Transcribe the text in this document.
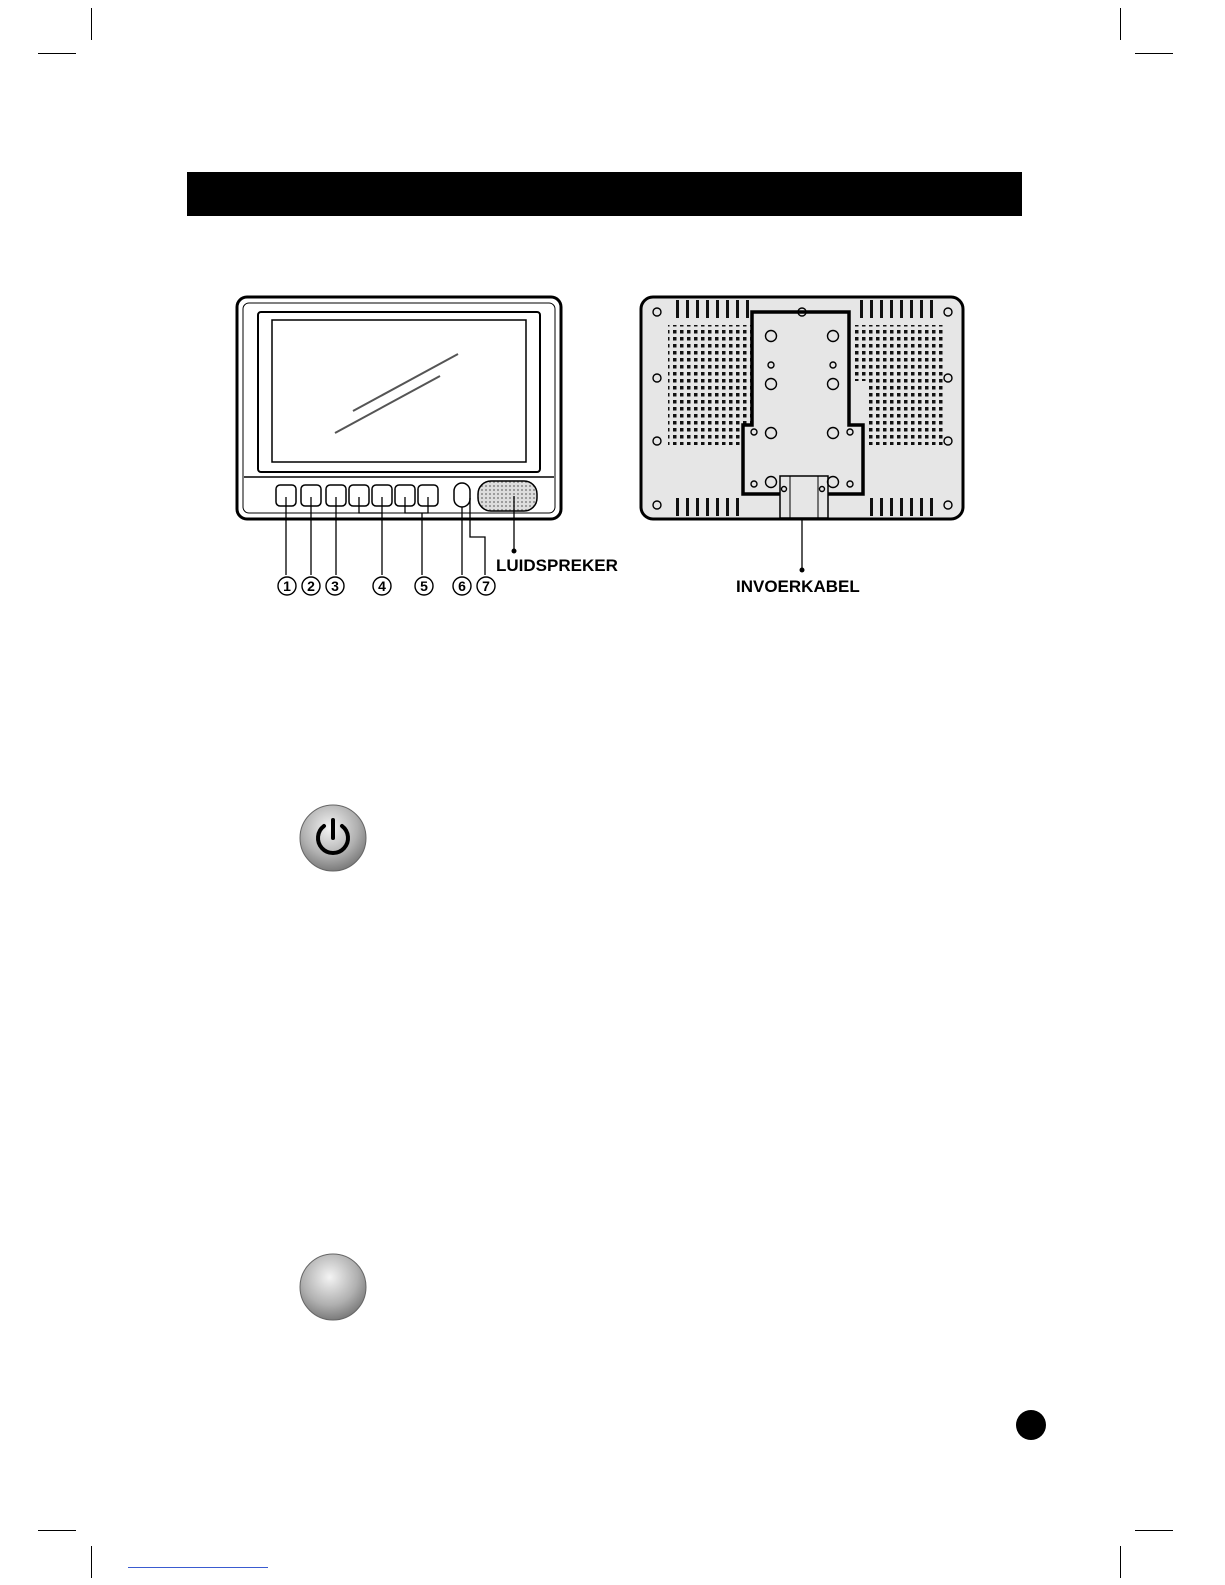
LUIDSPREKER
1 2 3	4 5 6 7	INVOERKABEL
